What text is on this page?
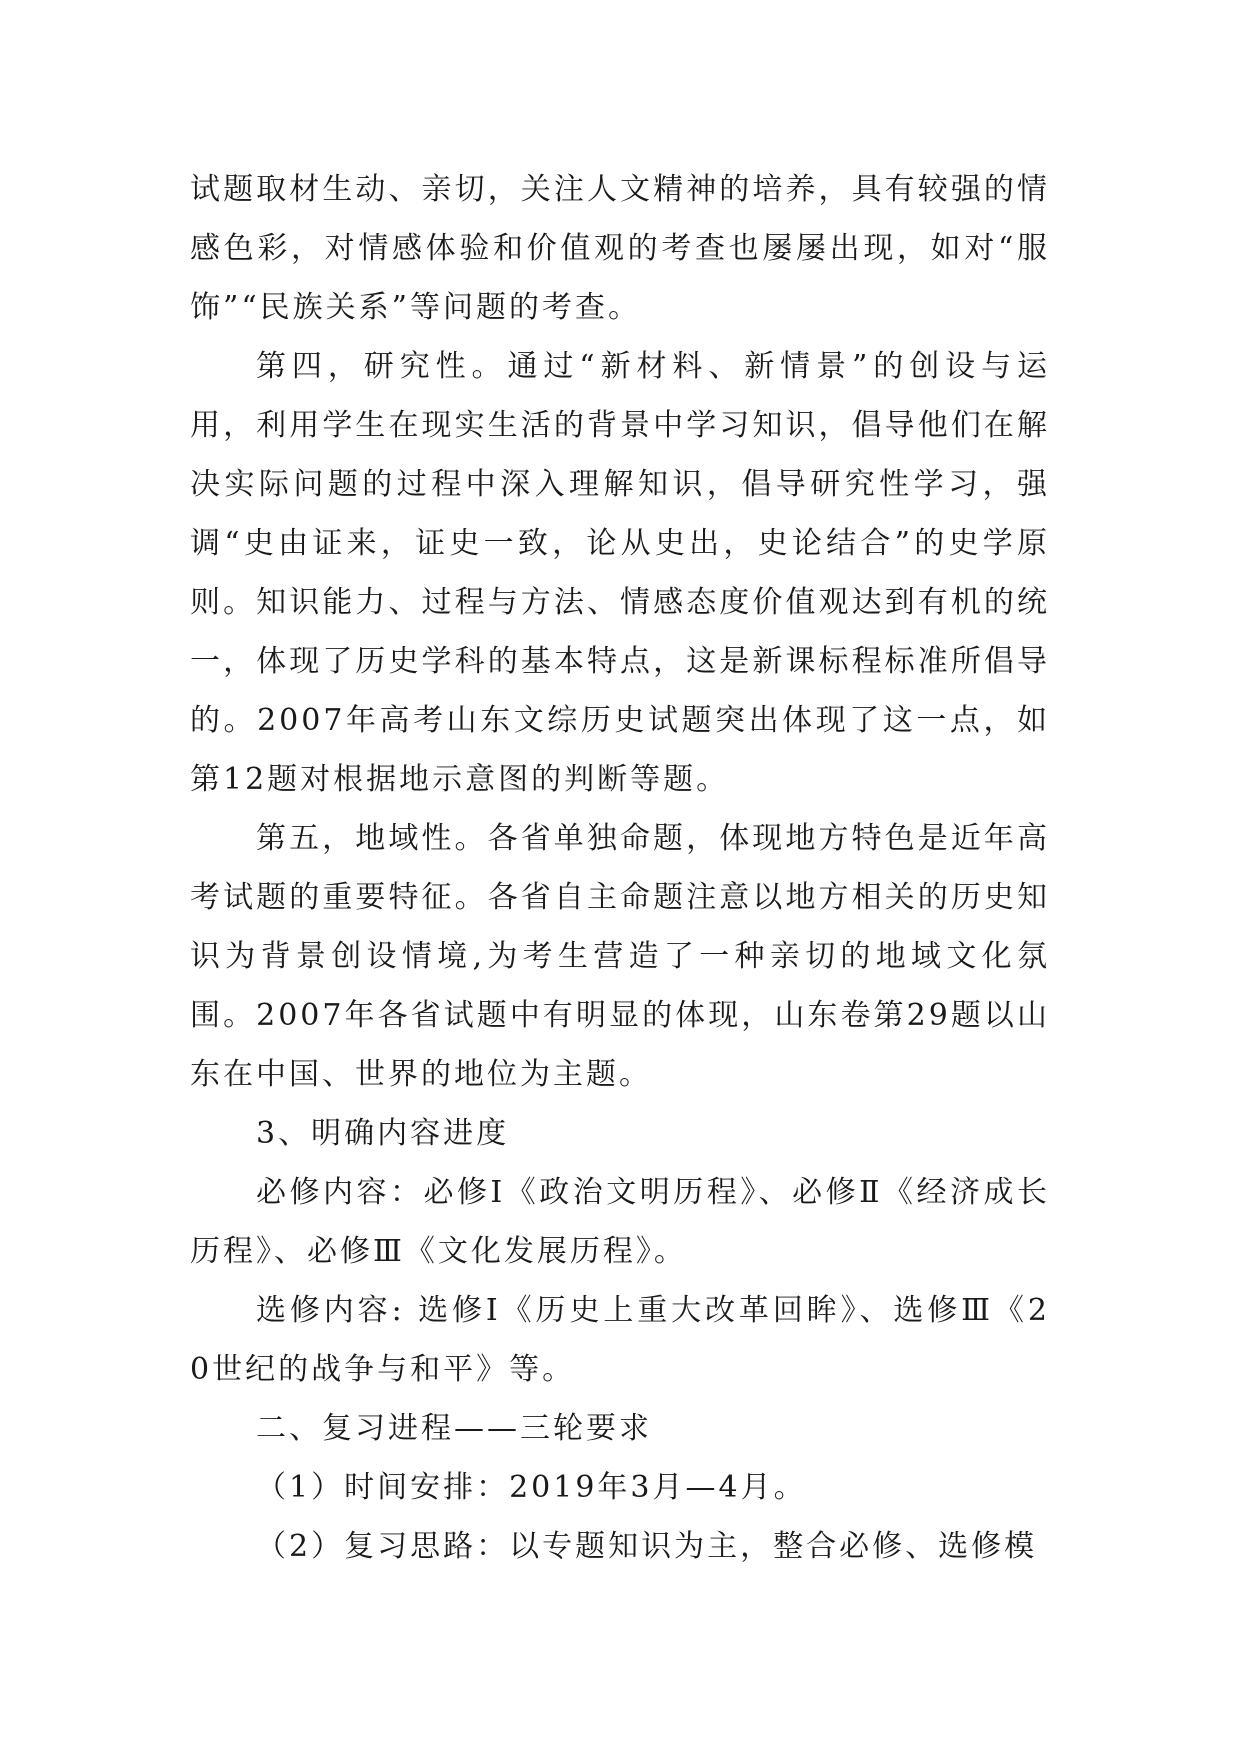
试题取材生动、亲切，关注人文精神的培养，具有较强的情感色彩，对情感体验和价值观的考查也屡屡出现，如对“服饰”“民族关系”等问题的考查。

第四，研究性。通过“新材料、新情景”的创设与运用，利用学生在现实生活的背景中学习知识，倡导他们在解决实际问题的过程中深入理解知识，倡导研究性学习，强调“史由证来，证史一致，论从史出，史论结合”的史学原则。知识能力、过程与方法、情感态度价值观达到有机的统一，体现了历史学科的基本特点，这是新课标程标准所倡导的。2007年高考山东文综历史试题突出体现了这一点，如第12题对根据地示意图的判断等题。

第五，地域性。各省单独命题，体现地方特色是近年高考试题的重要特征。各省自主命题注意以地方相关的历史知识为背景创设情境,为考生营造了一种亲切的地域文化氛围。2007年各省试题中有明显的体现，山东卷第29题以山东在中国、世界的地位为主题。

3、明确内容进度

必修内容：必修Ⅰ《政治文明历程》、必修Ⅱ《经济成长历程》、必修Ⅲ《文化发展历程》。

选修内容: 选修Ⅰ《历史上重大改革回眸》、选修Ⅲ《20世纪的战争与和平》等。

二、复习进程——三轮要求

（1）时间安排：2019年3月—4月。

（2）复习思路：以专题知识为主，整合必修、选修模
